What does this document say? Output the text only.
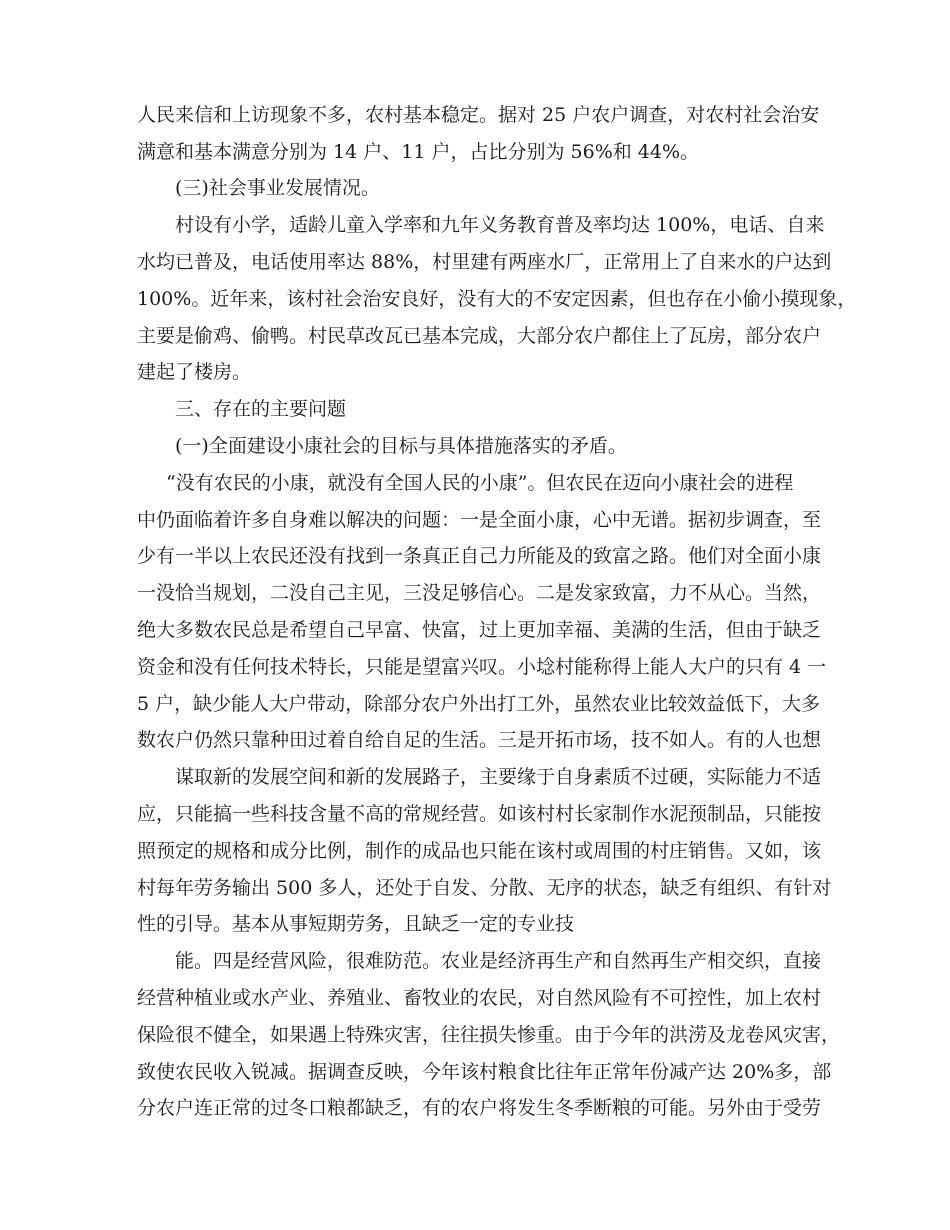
人民来信和上访现象不多，农村基本稳定。据对 25 户农户调查，对农村社会治安
满意和基本满意分别为 14 户、11 户，占比分别为 56%和 44%。
(三)社会事业发展情况。
村设有小学，适龄儿童入学率和九年义务教育普及率均达 100%，电话、自来
水均已普及，电话使用率达 88%，村里建有两座水厂，正常用上了自来水的户达到
100%。近年来，该村社会治安良好，没有大的不安定因素，但也存在小偷小摸现象，
主要是偷鸡、偷鸭。村民草改瓦已基本完成，大部分农户都住上了瓦房，部分农户
建起了楼房。
三、存在的主要问题
(一)全面建设小康社会的目标与具体措施落实的矛盾。
“没有农民的小康，就没有全国人民的小康”。但农民在迈向小康社会的进程
中仍面临着许多自身难以解决的问题：一是全面小康，心中无谱。据初步调查，至
少有一半以上农民还没有找到一条真正自己力所能及的致富之路。他们对全面小康
一没恰当规划，二没自己主见，三没足够信心。二是发家致富，力不从心。当然，
绝大多数农民总是希望自己早富、快富，过上更加幸福、美满的生活，但由于缺乏
资金和没有任何技术特长，只能是望富兴叹。小埝村能称得上能人大户的只有 4 一
5 户，缺少能人大户带动，除部分农户外出打工外，虽然农业比较效益低下，大多
数农户仍然只靠种田过着自给自足的生活。三是开拓市场，技不如人。有的人也想
谋取新的发展空间和新的发展路子，主要缘于自身素质不过硬，实际能力不适
应，只能搞一些科技含量不高的常规经营。如该村村长家制作水泥预制品，只能按
照预定的规格和成分比例，制作的成品也只能在该村或周围的村庄销售。又如，该
村每年劳务输出 500 多人，还处于自发、分散、无序的状态，缺乏有组织、有针对
性的引导。基本从事短期劳务，且缺乏一定的专业技
能。四是经营风险，很难防范。农业是经济再生产和自然再生产相交织，直接
经营种植业或水产业、养殖业、畜牧业的农民，对自然风险有不可控性，加上农村
保险很不健全，如果遇上特殊灾害，往往损失惨重。由于今年的洪涝及龙卷风灾害，
致使农民收入锐减。据调查反映，今年该村粮食比往年正常年份减产达 20%多，部
分农户连正常的过冬口粮都缺乏，有的农户将发生冬季断粮的可能。另外由于受劳
